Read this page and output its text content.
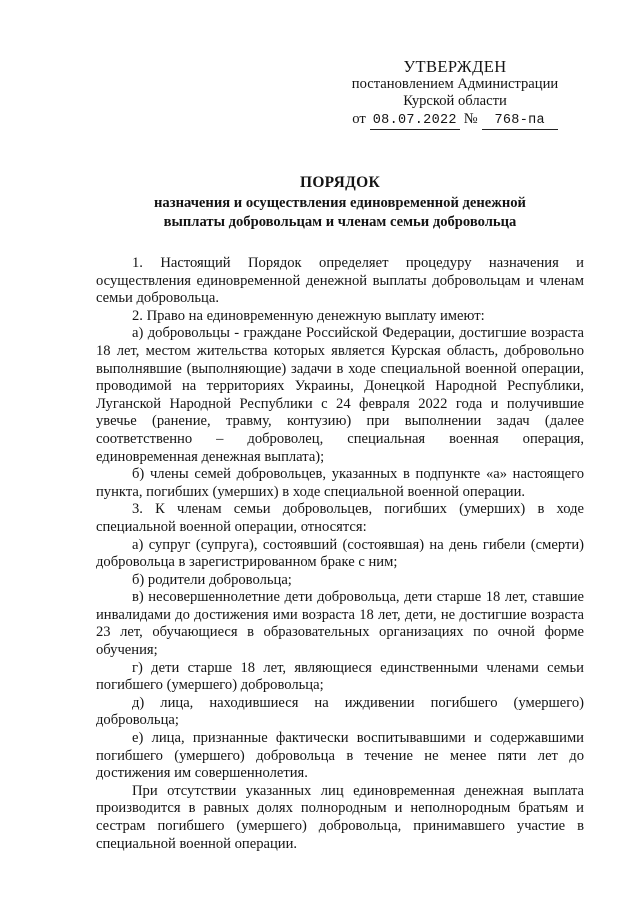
УТВЕРЖДЕН
постановлением Администрации
Курской области
от 08.07.2022 №	768-па
ПОРЯДОК
назначения и осуществления единовременной денежной
выплаты добровольцам и членам семьи добровольца

1. Настоящий Порядок определяет процедуру назначения и осуществления единовременной денежной выплаты добровольцам и членам семьи добровольца.

2. Право на единовременную денежную выплату имеют:

а) добровольцы - граждане Российской Федерации, достигшие возраста 18 лет, местом жительства которых является Курская область, добровольно выполнявшие (выполняющие) задачи в ходе специальной военной операции, проводимой на территориях Украины, Донецкой Народной Республики, Луганской Народной Республики с 24 февраля 2022 года и получившие увечье (ранение, травму, контузию) при выполнении задач (далее соответственно – доброволец, специальная военная операция, единовременная денежная выплата);

б) члены семей добровольцев, указанных в подпункте «а» настоящего пункта, погибших (умерших) в ходе специальной военной операции.

3. К членам семьи добровольцев, погибших (умерших) в ходе специальной военной операции, относятся:

а) супруг (супруга), состоявший (состоявшая) на день гибели (смерти) добровольца в зарегистрированном браке с ним;

б) родители добровольца;

в) несовершеннолетние дети добровольца, дети старше 18 лет, ставшие инвалидами до достижения ими возраста 18 лет, дети, не достигшие возраста 23 лет, обучающиеся в образовательных организациях по очной форме обучения;

г) дети старше 18 лет, являющиеся единственными членами семьи погибшего (умершего) добровольца;

д) лица, находившиеся на иждивении погибшего (умершего) добровольца;

е) лица, признанные фактически воспитывавшими и содержавшими погибшего (умершего) добровольца в течение не менее пяти лет до достижения им совершеннолетия.

При отсутствии указанных лиц единовременная денежная выплата производится в равных долях полнородным и неполнородным братьям и сестрам погибшего (умершего) добровольца, принимавшего участие в специальной военной операции.
